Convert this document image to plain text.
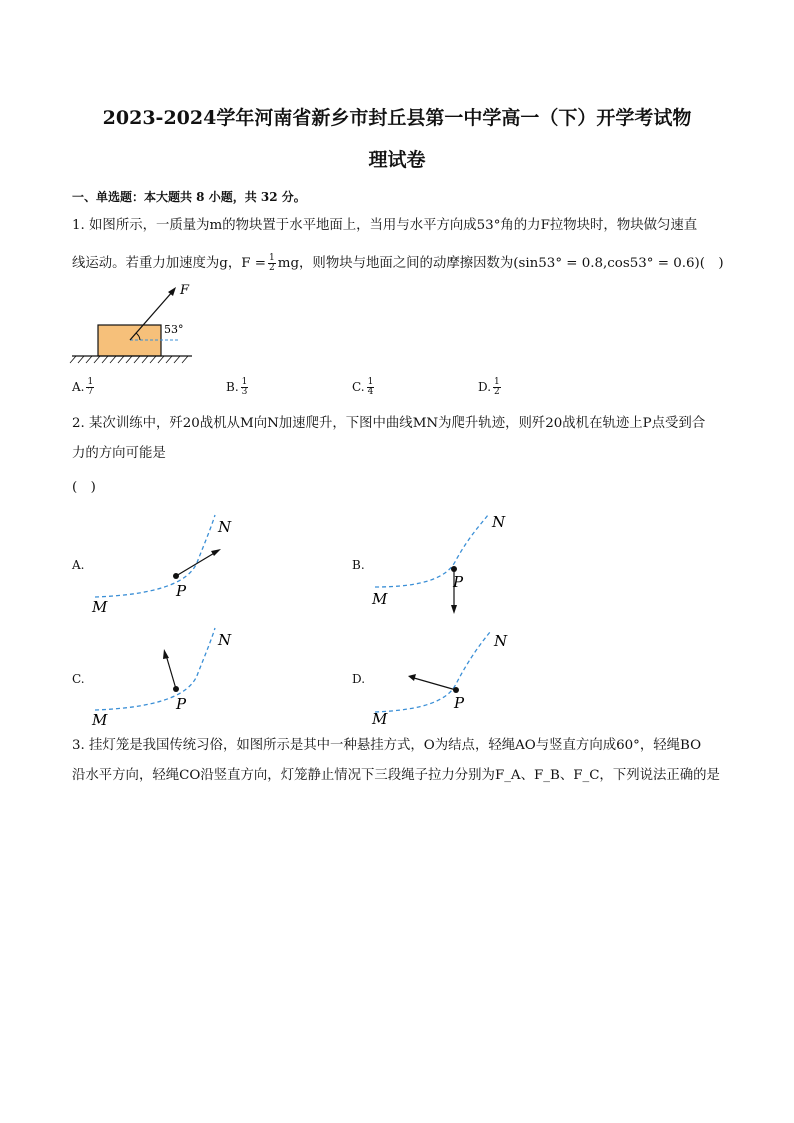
2023-2024学年河南省新乡市封丘县第一中学高一（下）开学考试物
理试卷
一、单选题：本大题共 8 小题，共 32 分。
1. 如图所示，一质量为m的物块置于水平地面上，当用与水平方向成53°角的力F拉物块时，物块做匀速直
线运动。若重力加速度为g，$F = \frac{1}{2}$ mg，则物块与地面之间的动摩擦因数为(sin53° = 0.8,cos53° = 0.6)(　)
F
53°
A. $\frac{1}{7}$	B. $\frac{1}{3}$	C. $\frac{1}{4}$	D. $\frac{1}{2}$
2. 某次训练中，歼20战机从M向N加速爬升，下图中曲线MN为爬升轨迹，则歼20战机在轨迹上P点受到合
力的方向可能是
(　)
A.
M
N
P
B.
M
N
P
C.
M
N
P
D.
M
N
P
3. 挂灯笼是我国传统习俗，如图所示是其中一种悬挂方式，O为结点，轻绳AO与竖直方向成60°，轻绳BO
沿水平方向，轻绳CO沿竖直方向，灯笼静止情况下三段绳子拉力分别为F_A、F_B、F_C，下列说法正确的是
